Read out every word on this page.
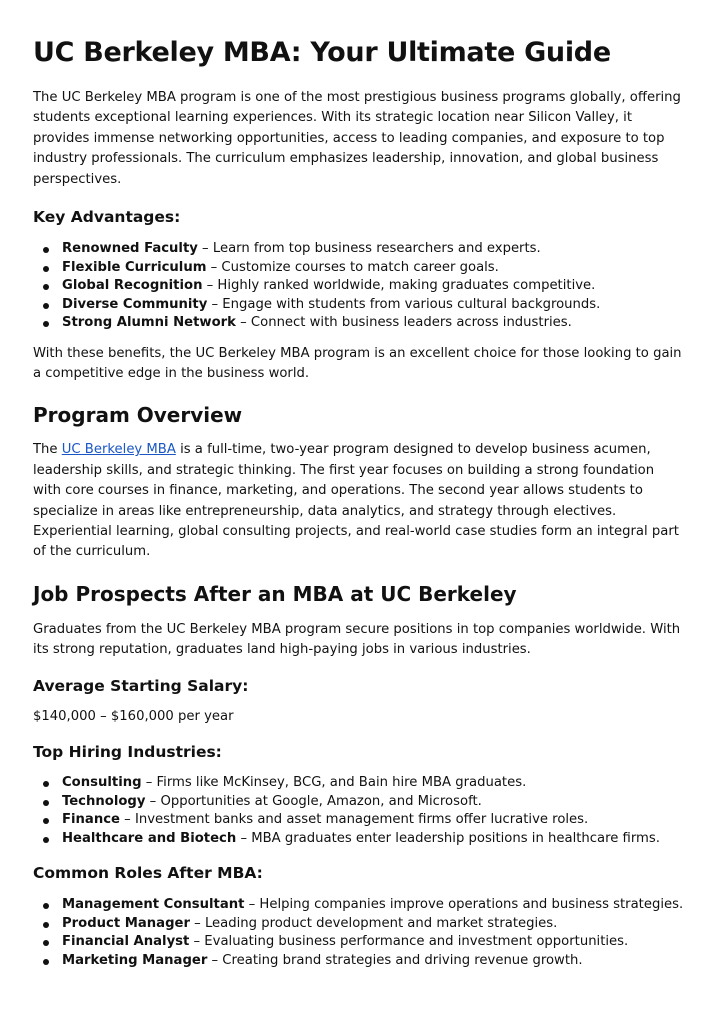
UC Berkeley MBA: Your Ultimate Guide

The UC Berkeley MBA program is one of the most prestigious business programs globally, offering students exceptional learning experiences. With its strategic location near Silicon Valley, it provides immense networking opportunities, access to leading companies, and exposure to top industry professionals. The curriculum emphasizes leadership, innovation, and global business perspectives.

Key Advantages:
Renowned Faculty – Learn from top business researchers and experts.
Flexible Curriculum – Customize courses to match career goals.
Global Recognition – Highly ranked worldwide, making graduates competitive.
Diverse Community – Engage with students from various cultural backgrounds.
Strong Alumni Network – Connect with business leaders across industries.

With these benefits, the UC Berkeley MBA program is an excellent choice for those looking to gain a competitive edge in the business world.

Program Overview

The UC Berkeley MBA is a full-time, two-year program designed to develop business acumen, leadership skills, and strategic thinking. The first year focuses on building a strong foundation with core courses in finance, marketing, and operations. The second year allows students to specialize in areas like entrepreneurship, data analytics, and strategy through electives. Experiential learning, global consulting projects, and real-world case studies form an integral part of the curriculum.

Job Prospects After an MBA at UC Berkeley

Graduates from the UC Berkeley MBA program secure positions in top companies worldwide. With its strong reputation, graduates land high-paying jobs in various industries.

Average Starting Salary:

$140,000 – $160,000 per year

Top Hiring Industries:
Consulting – Firms like McKinsey, BCG, and Bain hire MBA graduates.
Technology – Opportunities at Google, Amazon, and Microsoft.
Finance – Investment banks and asset management firms offer lucrative roles.
Healthcare and Biotech – MBA graduates enter leadership positions in healthcare firms.
Common Roles After MBA:
Management Consultant – Helping companies improve operations and business strategies.
Product Manager – Leading product development and market strategies.
Financial Analyst – Evaluating business performance and investment opportunities.
Marketing Manager – Creating brand strategies and driving revenue growth.
